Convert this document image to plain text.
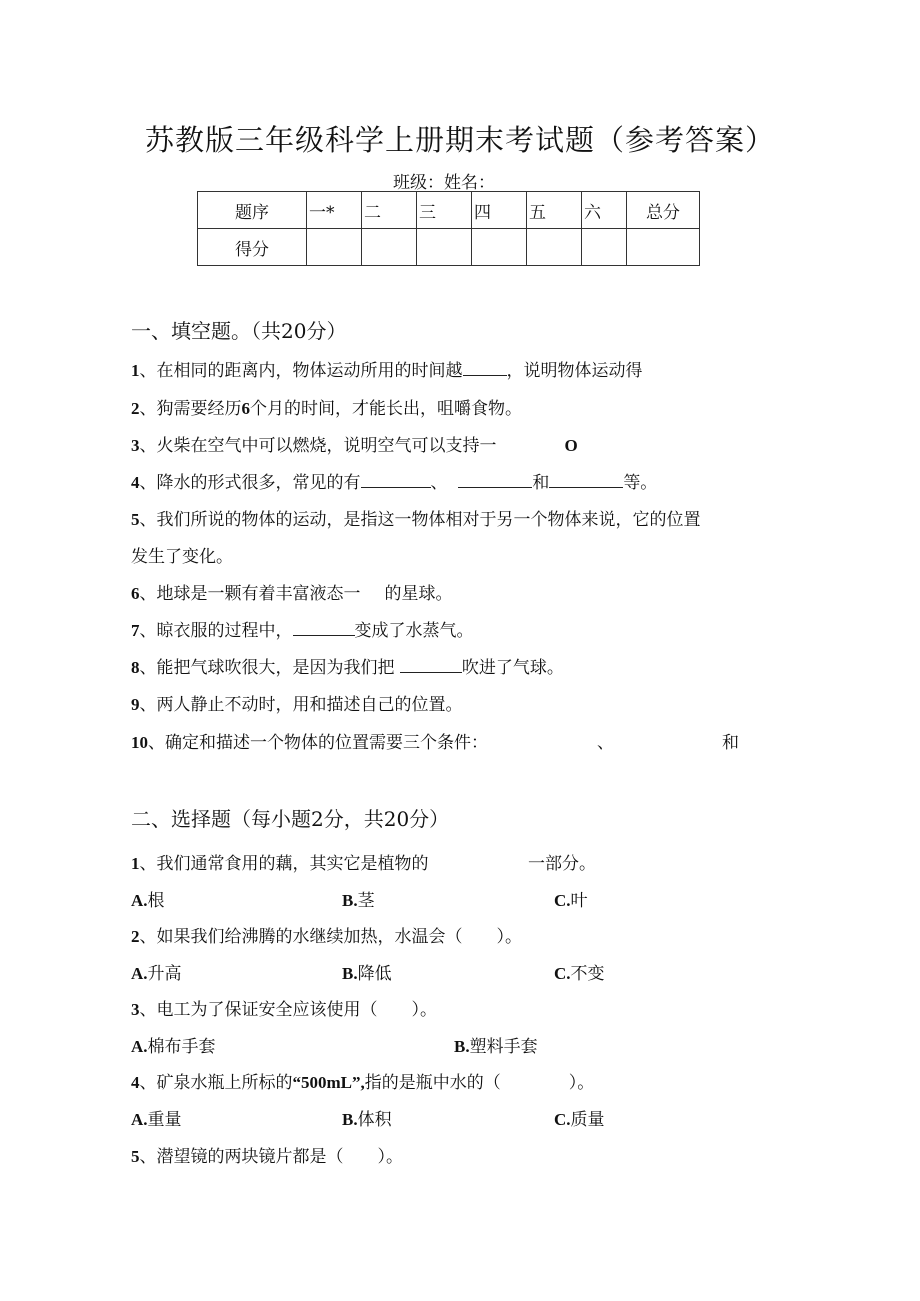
苏教版三年级科学上册期末考试题（参考答案）
班级：姓名：
题序	一*	二	三	四	五	六	总分
得分							
一、填空题。（共20分）
1、在相同的距离内，物体运动所用的时间越	，说明物体运动得
2、狗需要经历6个月的时间，才能长出，咀嚼食物。
3、火柴在空气中可以燃烧，说明空气可以支持一	O
4、降水的形式很多，常见的有	、	和	等。
5、我们所说的物体的运动，是指这一物体相对于另一个物体来说，它的位置
发生了变化。
6、地球是一颗有着丰富液态一 的星球。
7、晾衣服的过程中，	变成了水蒸气。
8、能把气球吹很大，是因为我们把	吹进了气球。
9、两人静止不动时，用和描述自己的位置。
10、确定和描述一个物体的位置需要三个条件：	、	和
二、选择题（每小题2分，共20分）
1、我们通常食用的藕，其实它是植物的	一部分。
A.根	B.茎	C.叶
2、如果我们给沸腾的水继续加热，水温会（　　）。
A.升高	B.降低	C.不变
3、电工为了保证安全应该使用（　　）。
A.棉布手套	B.塑料手套
4、矿泉水瓶上所标的“500mL”,指的是瓶中水的（　　　　）。
A.重量	B.体积	C.质量
5、潜望镜的两块镜片都是（　　）。
